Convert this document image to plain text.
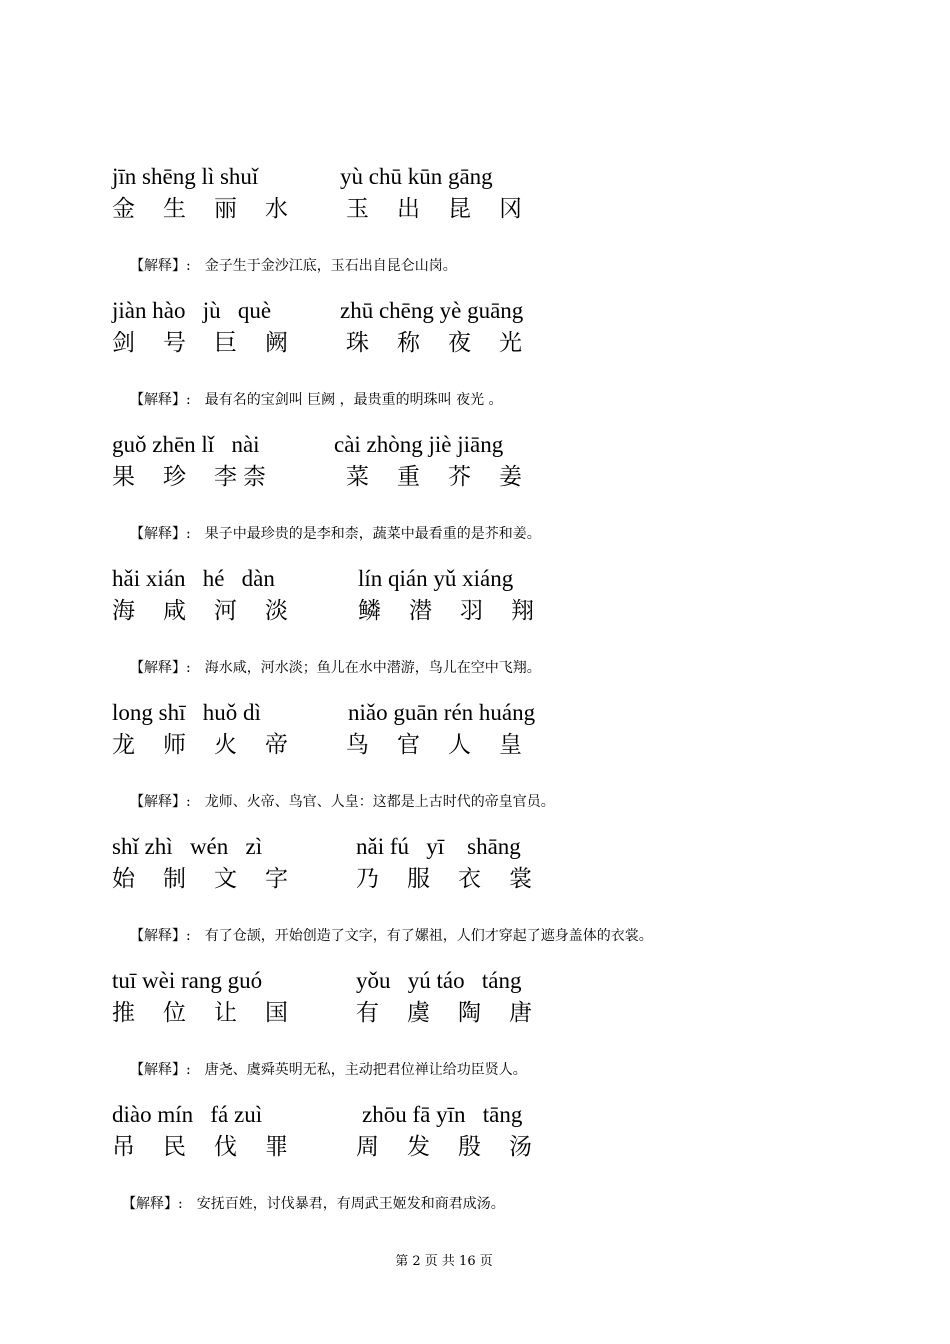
jīn shēng lì shuǐ	yù chū kūn gāng
金 生 丽 水	玉 出 昆 冈
【解释】: 金子生于金沙江底，玉石出自昆仑山岗。
jiàn hào   jù   què	zhū chēng yè guāng
剑 号 巨 阙	珠 称 夜 光
【解释】: 最有名的宝剑叫 巨阙 ，最贵重的明珠叫 夜光 。
guǒ zhēn lǐ   nài	cài zhòng jiè jiāng
果 珍 李 柰	菜 重 芥 姜
【解释】: 果子中最珍贵的是李和柰，蔬菜中最看重的是芥和姜。
hǎi xián   hé   dàn	lín qián yǔ xiáng
海 咸 河 淡	鳞 潜 羽 翔
【解释】: 海水咸，河水淡；鱼儿在水中潜游，鸟儿在空中飞翔。
long shī   huǒ dì	niǎo guān rén huáng
龙 师 火 帝	鸟 官 人 皇
【解释】: 龙师、火帝、鸟官、人皇：这都是上古时代的帝皇官员。
shǐ zhì   wén   zì	nǎi fú   yī    shāng
始 制 文 字	乃 服 衣 裳
【解释】: 有了仓颉，开始创造了文字，有了嫘祖，人们才穿起了遮身盖体的衣裳。
tuī wèi rang guó	yǒu   yú táo   táng
推 位 让 国	有 虞 陶 唐
【解释】: 唐尧、虞舜英明无私，主动把君位禅让给功臣贤人。
diào mín   fá zuì	zhōu fā yīn   tāng
吊 民 伐 罪	周 发 殷 汤
【解释】: 安抚百姓，讨伐暴君，有周武王姬发和商君成汤。
第 2 页 共 16 页
